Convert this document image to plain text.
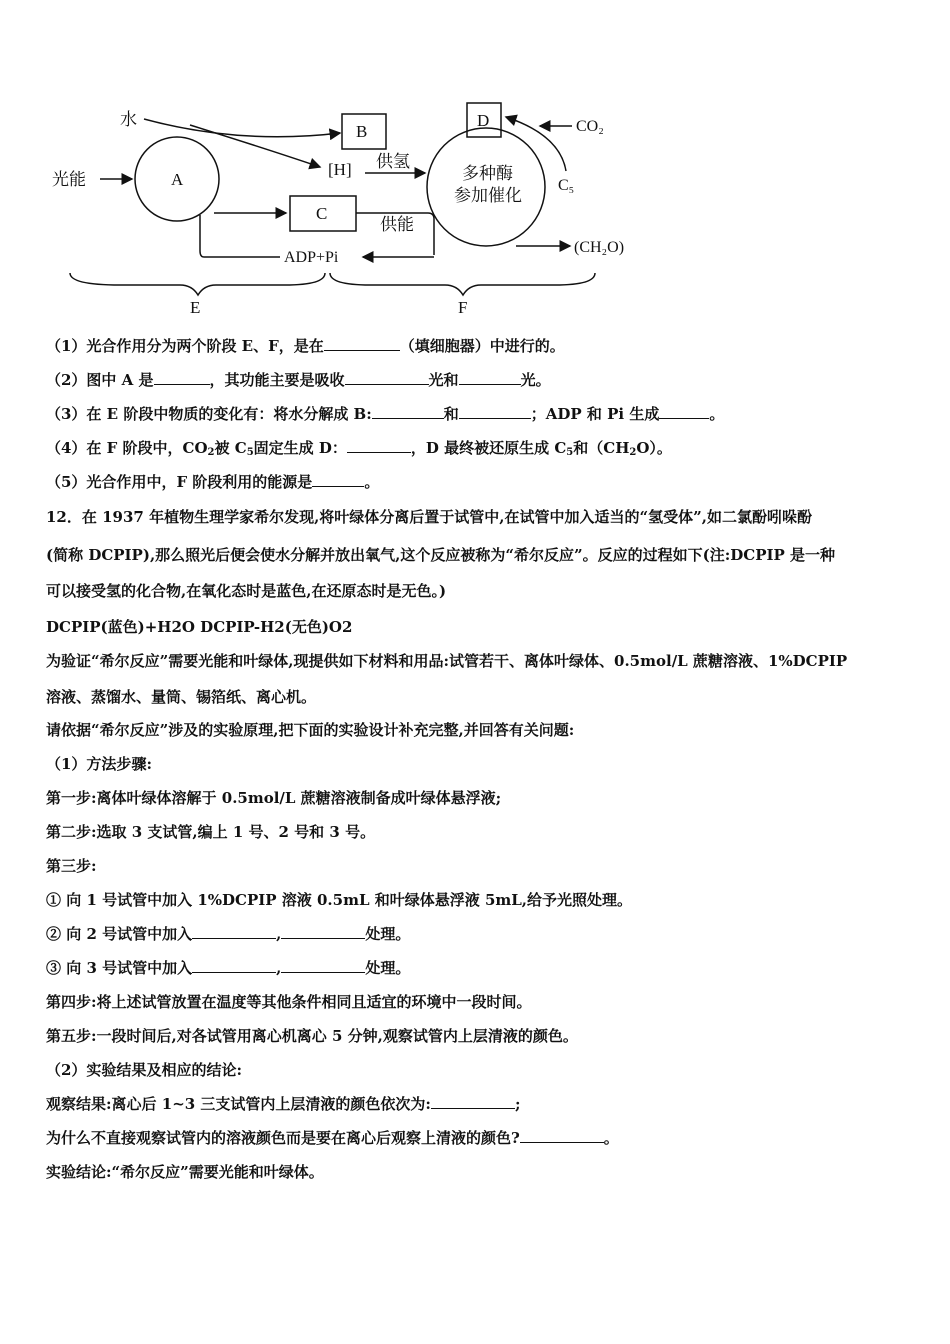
水
光能	A
B
[H] 供氢
C
供能
ADP+Pi
多种酶
参加催化
D	CO₂
C₅
(CH₂O)
E	F
（1）光合作用分为两个阶段 E、F，是在	（填细胞器）中进行的。
（2）图中 A 是	，其功能主要是吸收	光和	光。
（3）在 E 阶段中物质的变化有：将水分解成 B:	和	；ADP 和 Pi 生成	。
（4）在 F 阶段中，$CO_2$被 $C_5$固定生成 D：	，D 最终被还原生成 $C_5$和$(CH_2O)$。
（5）光合作用中，F 阶段利用的能源是	。
12．在 1937 年植物生理学家希尔发现,将叶绿体分离后置于试管中,在试管中加入适当的“氢受体”,如二氯酚吲哚酚
(简称 DCPIP),那么照光后便会使水分解并放出氧气,这个反应被称为“希尔反应”。反应的过程如下(注:DCPIP 是一种
可以接受氢的化合物,在氧化态时是蓝色,在还原态时是无色。)
DCPIP(蓝色)+H2O DCPIP-H2(无色)O2
为验证“希尔反应”需要光能和叶绿体,现提供如下材料和用品:试管若干、离体叶绿体、0.5mol/L 蔗糖溶液、1%DCPIP
溶液、蒸馏水、量筒、锡箔纸、离心机。
请依据“希尔反应”涉及的实验原理,把下面的实验设计补充完整,并回答有关问题:
（1）方法步骤:
第一步:离体叶绿体溶解于 0.5mol/L 蔗糖溶液制备成叶绿体悬浮液;
第二步:选取 3 支试管,编上 1 号、2 号和 3 号。
第三步:
① 向 1 号试管中加入 1%DCPIP 溶液 0.5mL 和叶绿体悬浮液 5mL,给予光照处理。
② 向 2 号试管中加入	,	处理。
③ 向 3 号试管中加入	,	处理。
第四步:将上述试管放置在温度等其他条件相同且适宜的环境中一段时间。
第五步:一段时间后,对各试管用离心机离心 5 分钟,观察试管内上层清液的颜色。
（2）实验结果及相应的结论:
观察结果:离心后 1~3 三支试管内上层清液的颜色依次为:	;
为什么不直接观察试管内的溶液颜色而是要在离心后观察上清液的颜色?	。
实验结论:“希尔反应”需要光能和叶绿体。
